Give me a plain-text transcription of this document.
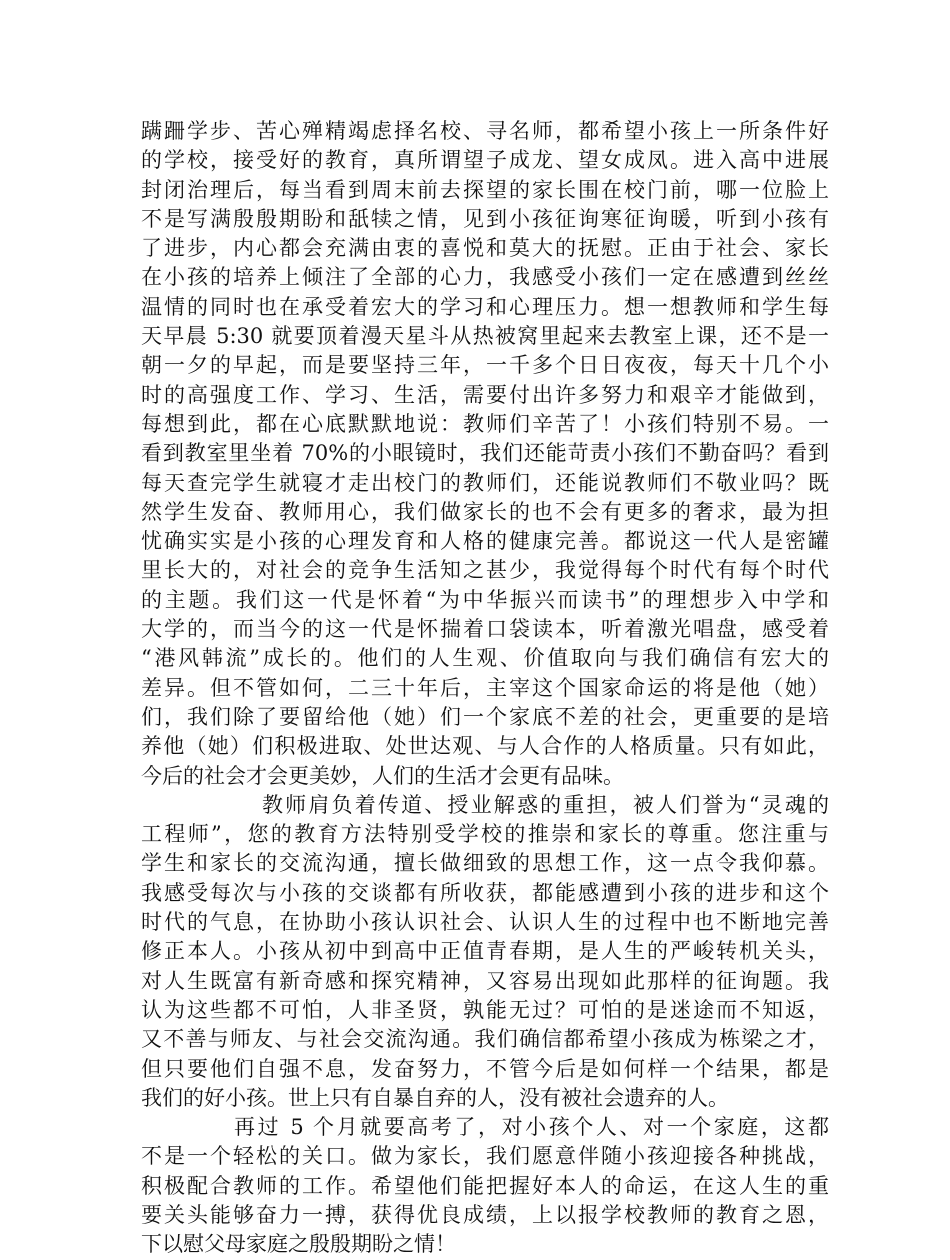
蹒跚学步、苦心殚精竭虑择名校、寻名师，都希望小孩上一所条件好
的学校，接受好的教育，真所谓望子成龙、望女成凤。进入高中进展
封闭治理后，每当看到周末前去探望的家长围在校门前，哪一位脸上
不是写满殷殷期盼和舐犊之情，见到小孩征询寒征询暖，听到小孩有
了进步，内心都会充满由衷的喜悦和莫大的抚慰。正由于社会、家长
在小孩的培养上倾注了全部的心力，我感受小孩们一定在感遭到丝丝
温情的同时也在承受着宏大的学习和心理压力。想一想教师和学生每
天早晨 5:30 就要顶着漫天星斗从热被窝里起来去教室上课，还不是一
朝一夕的早起，而是要坚持三年，一千多个日日夜夜，每天十几个小
时的高强度工作、学习、生活，需要付出许多努力和艰辛才能做到，
每想到此，都在心底默默地说：教师们辛苦了！小孩们特别不易。一
看到教室里坐着 70%的小眼镜时，我们还能苛责小孩们不勤奋吗？看到
每天查完学生就寝才走出校门的教师们，还能说教师们不敬业吗？既
然学生发奋、教师用心，我们做家长的也不会有更多的奢求，最为担
忧确实实是小孩的心理发育和人格的健康完善。都说这一代人是密罐
里长大的，对社会的竞争生活知之甚少，我觉得每个时代有每个时代
的主题。我们这一代是怀着“为中华振兴而读书”的理想步入中学和
大学的，而当今的这一代是怀揣着口袋读本，听着激光唱盘，感受着
“港风韩流”成长的。他们的人生观、价值取向与我们确信有宏大的
差异。但不管如何，二三十年后，主宰这个国家命运的将是他（她）
们，我们除了要留给他（她）们一个家底不差的社会，更重要的是培
养他（她）们积极进取、处世达观、与人合作的人格质量。只有如此，
今后的社会才会更美妙，人们的生活才会更有品味。
教师肩负着传道、授业解惑的重担，被人们誉为“灵魂的
工程师”，您的教育方法特别受学校的推崇和家长的尊重。您注重与
学生和家长的交流沟通，擅长做细致的思想工作，这一点令我仰慕。
我感受每次与小孩的交谈都有所收获，都能感遭到小孩的进步和这个
时代的气息，在协助小孩认识社会、认识人生的过程中也不断地完善
修正本人。小孩从初中到高中正值青春期，是人生的严峻转机关头，
对人生既富有新奇感和探究精神，又容易出现如此那样的征询题。我
认为这些都不可怕，人非圣贤，孰能无过？可怕的是迷途而不知返，
又不善与师友、与社会交流沟通。我们确信都希望小孩成为栋梁之才，
但只要他们自强不息，发奋努力，不管今后是如何样一个结果，都是
我们的好小孩。世上只有自暴自弃的人，没有被社会遗弃的人。
再过 5 个月就要高考了，对小孩个人、对一个家庭，这都
不是一个轻松的关口。做为家长，我们愿意伴随小孩迎接各种挑战，
积极配合教师的工作。希望他们能把握好本人的命运，在这人生的重
要关头能够奋力一搏，获得优良成绩，上以报学校教师的教育之恩，
下以慰父母家庭之殷殷期盼之情！
